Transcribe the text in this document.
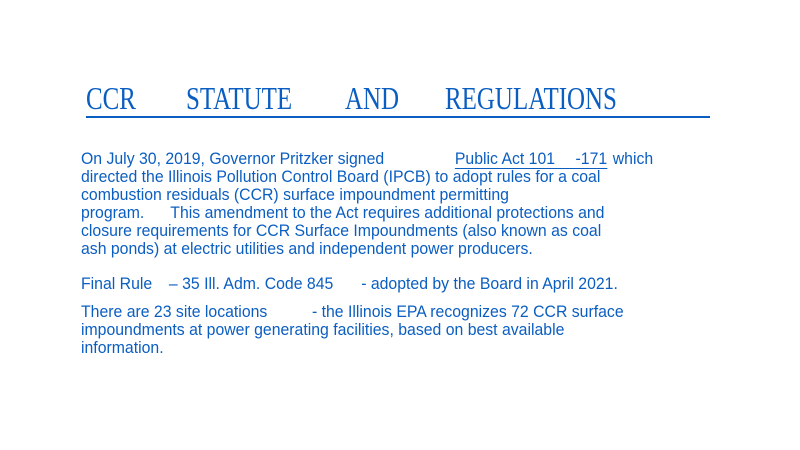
CCR STATUTE AND REGULATIONS
On July 30, 2019, Governor Pritzker signed	Public Act 101 -171 which
directed the Illinois Pollution Control Board (IPCB) to adopt rules for a coal
combustion residuals (CCR) surface impoundment permitting
program. This amendment to the Act requires additional protections and
closure requirements for CCR Surface Impoundments (also known as coal
ash ponds) at electric utilities and independent power producers.
Final Rule – 35 Ill. Adm. Code 845 - adopted by the Board in April 2021.
There are 23 site locations	- the Illinois EPA recognizes 72 CCR surface
impoundments at power generating facilities, based on best available
information.
